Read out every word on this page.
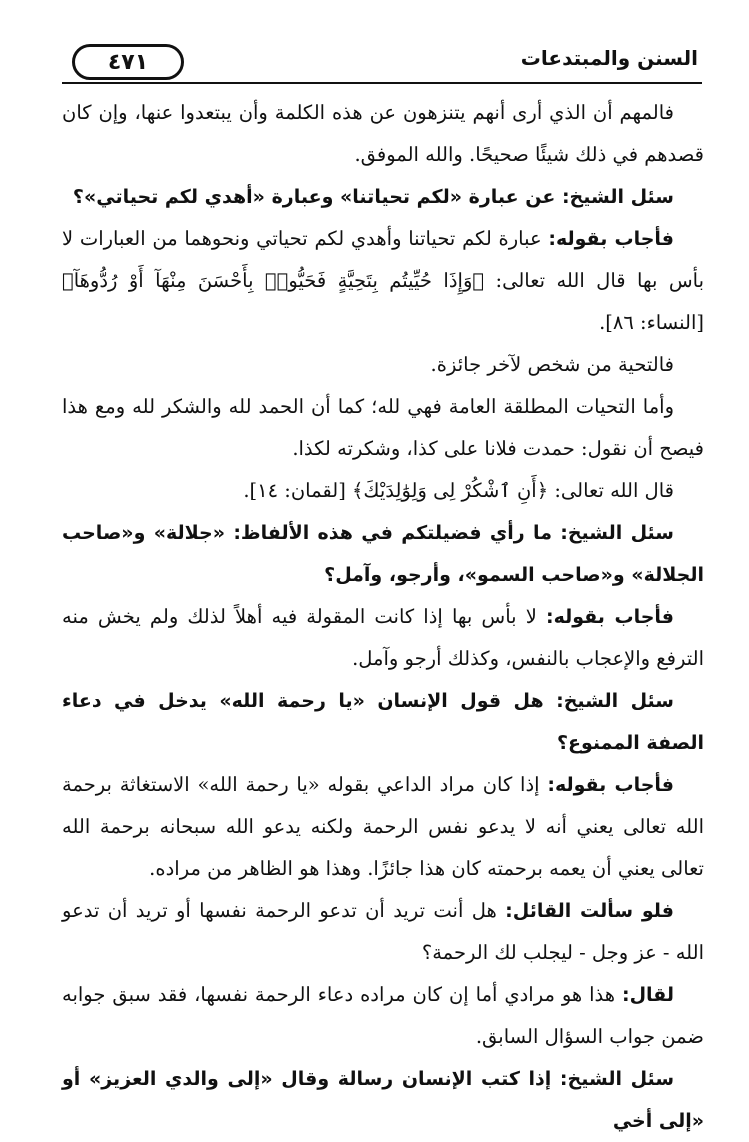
٤٧١	السنن والمبتدعات

فالمهم أن الذي أرى أنهم يتنزهون عن هذه الكلمة وأن يبتعدوا عنها، وإن كان قصدهم في ذلك شيئًا صحيحًا. والله الموفق.

سئل الشيخ: عن عبارة «لكم تحياتنا» وعبارة «أهدي لكم تحياتي»؟

فأجاب بقوله: عبارة لكم تحياتنا وأهدي لكم تحياتي ونحوهما من العبارات لا بأس بها قال الله تعالى: ﴿وَإِذَا حُيِّيتُم بِتَحِيَّةٍ فَحَيُّوا۟ بِأَحْسَنَ مِنْهَآ أَوْ رُدُّوهَآ﴾ [النساء: ٨٦].

فالتحية من شخص لآخر جائزة.

وأما التحيات المطلقة العامة فهي لله؛ كما أن الحمد لله والشكر لله ومع هذا فيصح أن نقول: حمدت فلانا على كذا، وشكرته لكذا.

قال الله تعالى: ﴿أَنِ ٱشْكُرْ لِى وَلِوَٰلِدَيْكَ﴾ [لقمان: ١٤].

سئل الشيخ: ما رأي فضيلتكم في هذه الألفاظ: «جلالة» و«صاحب الجلالة» و«صاحب السمو»، وأرجو، وآمل؟

فأجاب بقوله: لا بأس بها إذا كانت المقولة فيه أهلاً لذلك ولم يخش منه الترفع والإعجاب بالنفس، وكذلك أرجو وآمل.

سئل الشيخ: هل قول الإنسان «يا رحمة الله» يدخل في دعاء الصفة الممنوع؟

فأجاب بقوله: إذا كان مراد الداعي بقوله «يا رحمة الله» الاستغاثة برحمة الله تعالى يعني أنه لا يدعو نفس الرحمة ولكنه يدعو الله سبحانه برحمة الله تعالى يعني أن يعمه برحمته كان هذا جائزًا. وهذا هو الظاهر من مراده.

فلو سألت القائل: هل أنت تريد أن تدعو الرحمة نفسها أو تريد أن تدعو الله - عز وجل - ليجلب لك الرحمة؟

لقال: هذا هو مرادي أما إن كان مراده دعاء الرحمة نفسها، فقد سبق جوابه ضمن جواب السؤال السابق.

سئل الشيخ: إذا كتب الإنسان رسالة وقال «إلى والدي العزيز» أو «إلى أخي
